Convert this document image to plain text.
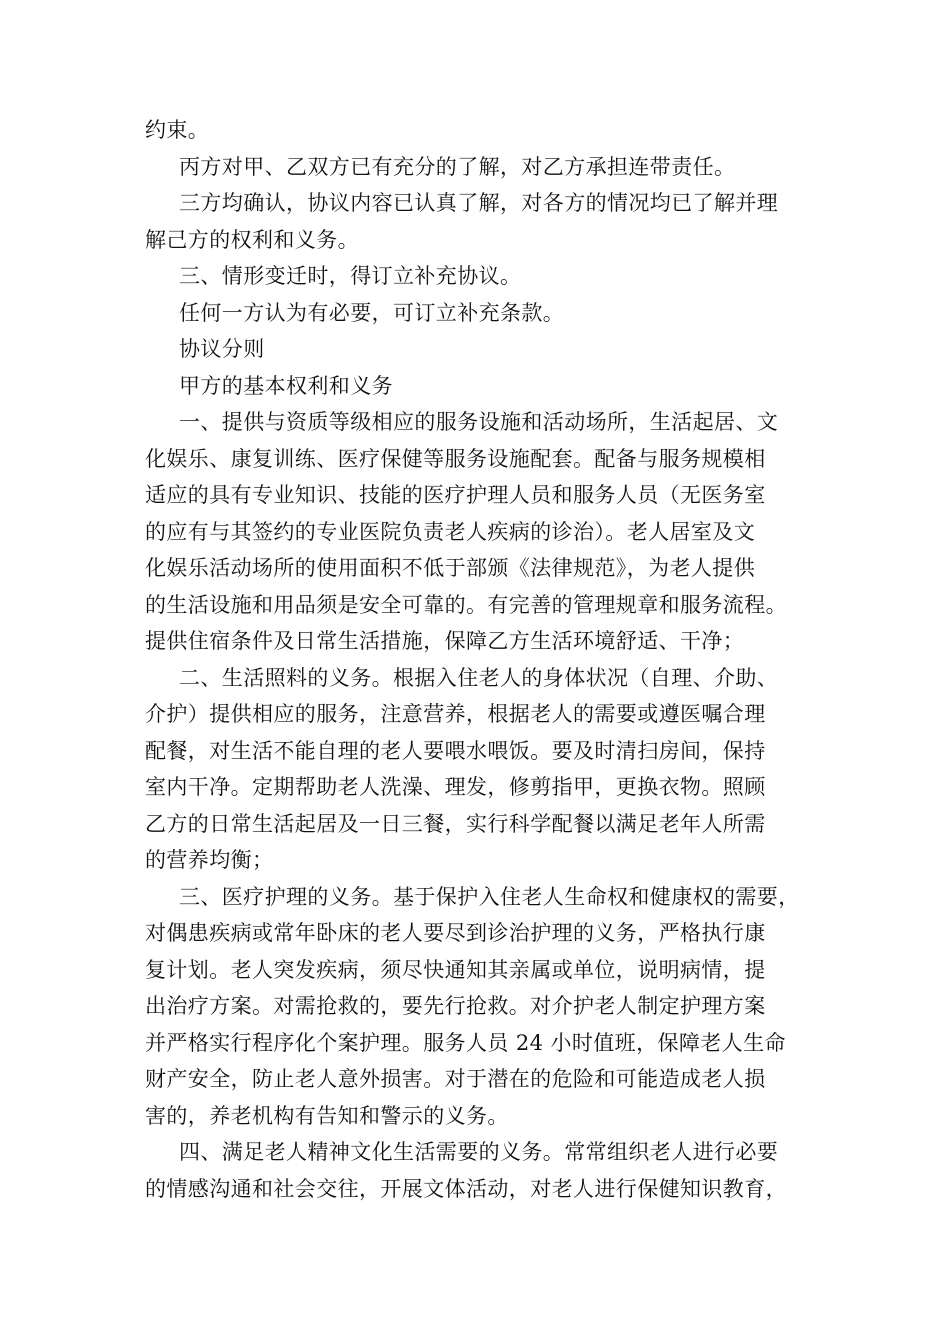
约束。
丙方对甲、乙双方已有充分的了解，对乙方承担连带责任。
三方均确认，协议内容已认真了解，对各方的情况均已了解并理
解己方的权利和义务。
三、情形变迁时，得订立补充协议。
任何一方认为有必要，可订立补充条款。
协议分则
甲方的基本权利和义务
一、提供与资质等级相应的服务设施和活动场所，生活起居、文
化娱乐、康复训练、医疗保健等服务设施配套。配备与服务规模相
适应的具有专业知识、技能的医疗护理人员和服务人员（无医务室
的应有与其签约的专业医院负责老人疾病的诊治）。老人居室及文
化娱乐活动场所的使用面积不低于部颁《法律规范》，为老人提供
的生活设施和用品须是安全可靠的。有完善的管理规章和服务流程。
提供住宿条件及日常生活措施，保障乙方生活环境舒适、干净；
二、生活照料的义务。根据入住老人的身体状况（自理、介助、
介护）提供相应的服务，注意营养，根据老人的需要或遵医嘱合理
配餐，对生活不能自理的老人要喂水喂饭。要及时清扫房间，保持
室内干净。定期帮助老人洗澡、理发，修剪指甲，更换衣物。照顾
乙方的日常生活起居及一日三餐，实行科学配餐以满足老年人所需
的营养均衡；
三、医疗护理的义务。基于保护入住老人生命权和健康权的需要，
对偶患疾病或常年卧床的老人要尽到诊治护理的义务，严格执行康
复计划。老人突发疾病，须尽快通知其亲属或单位，说明病情，提
出治疗方案。对需抢救的，要先行抢救。对介护老人制定护理方案
并严格实行程序化个案护理。服务人员 24 小时值班，保障老人生命
财产安全，防止老人意外损害。对于潜在的危险和可能造成老人损
害的，养老机构有告知和警示的义务。
四、满足老人精神文化生活需要的义务。常常组织老人进行必要
的情感沟通和社会交往，开展文体活动，对老人进行保健知识教育，
